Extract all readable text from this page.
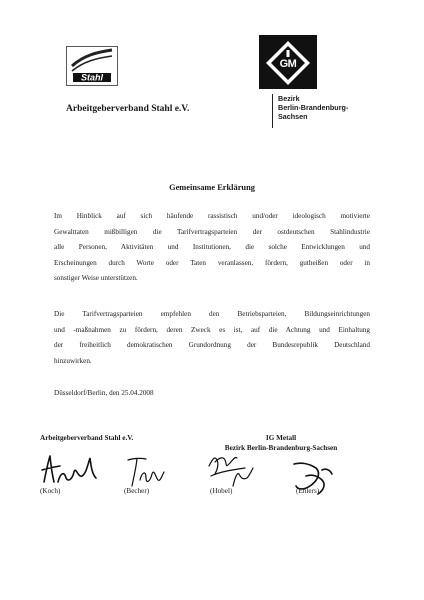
Stahl
Arbeitgeberverband Stahl e.V.
GM
Bezirk
Berlin-Brandenburg-
Sachsen
Gemeinsame Erklärung
Im Hinblick auf sich häufende rassistisch und/oder ideologisch motivierte
Gewalttaten mißbilligen die Tarifvertragsparteien der ostdeutschen Stahlindustrie
alle Personen, Aktivitäten und Institutionen, die solche Entwicklungen und
Erscheinungen durch Worte oder Taten veranlassen, fördern, gutheißen oder in
sonstiger Weise unterstützen.
Die Tarifvertragsparteien empfehlen den Betriebsparteien, Bildungseinrichtungen
und -maßnahmen zu fördern, deren Zweck es ist, auf die Achtung und Einhaltung
der freiheitlich demokratischen Grundordnung der Bundesrepublik Deutschland
hinzuwirken.
Düsseldorf/Berlin, den 25.04.2008
Arbeitgeberverband Stahl e.V.	IG Metall
Bezirk Berlin-Brandenburg-Sachsen
(Koch)	(Becher)	(Hobel)	(Ehlers)
